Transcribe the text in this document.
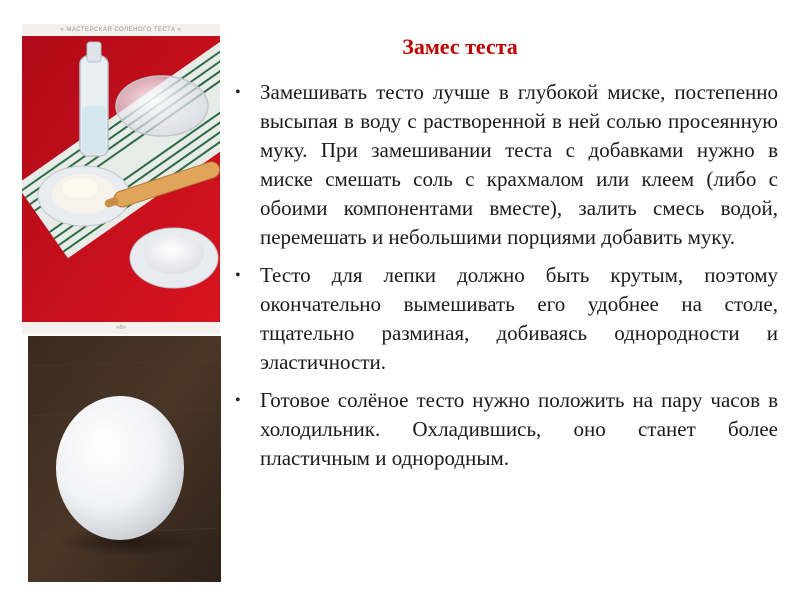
« МАСТЕРСКАЯ СОЛЕНОГО ТЕСТА »
«6»
Замес теста
• Замешивать тесто лучше в глубокой миске, постепенно высыпая в воду с растворенной в ней солью просеянную муку. При замешивании теста с добавками нужно в миске смешать соль с крахмалом или клеем (либо с обоими компонентами вместе), залить смесь водой, перемешать и небольшими порциями добавить муку.
• Тесто для лепки должно быть крутым, поэтому окончательно вымешивать его удобнее на столе, тщательно разминая, добиваясь однородности и эластичности.
• Готовое солёное тесто нужно положить на пару часов в холодильник. Охладившись, оно станет более пластичным и однородным.
